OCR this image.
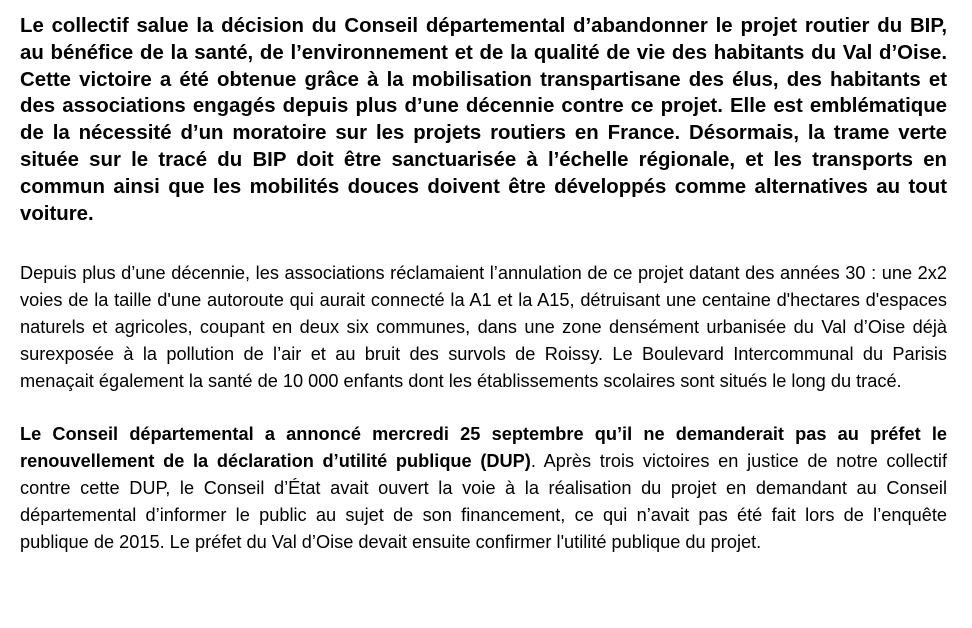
Le collectif salue la décision du Conseil départemental d’abandonner le projet routier du BIP, au bénéfice de la santé, de l’environnement et de la qualité de vie des habitants du Val d’Oise. Cette victoire a été obtenue grâce à la mobilisation transpartisane des élus, des habitants et des associations engagés depuis plus d’une décennie contre ce projet. Elle est emblématique de la nécessité d’un moratoire sur les projets routiers en France. Désormais, la trame verte située sur le tracé du BIP doit être sanctuarisée à l’échelle régionale, et les transports en commun ainsi que les mobilités douces doivent être développés comme alternatives au tout voiture.

Depuis plus d’une décennie, les associations réclamaient l’annulation de ce projet datant des années 30 : une 2x2 voies de la taille d'une autoroute qui aurait connecté la A1 et la A15, détruisant une centaine d'hectares d'espaces naturels et agricoles, coupant en deux six communes, dans une zone densément urbanisée du Val d’Oise déjà surexposée à la pollution de l’air et au bruit des survols de Roissy. Le Boulevard Intercommunal du Parisis menaçait également la santé de 10 000 enfants dont les établissements scolaires sont situés le long du tracé.

Le Conseil départemental a annoncé mercredi 25 septembre qu’il ne demanderait pas au préfet le renouvellement de la déclaration d’utilité publique (DUP). Après trois victoires en justice de notre collectif contre cette DUP, le Conseil d’État avait ouvert la voie à la réalisation du projet en demandant au Conseil départemental d’informer le public au sujet de son financement, ce qui n’avait pas été fait lors de l’enquête publique de 2015. Le préfet du Val d’Oise devait ensuite confirmer l'utilité publique du projet.
